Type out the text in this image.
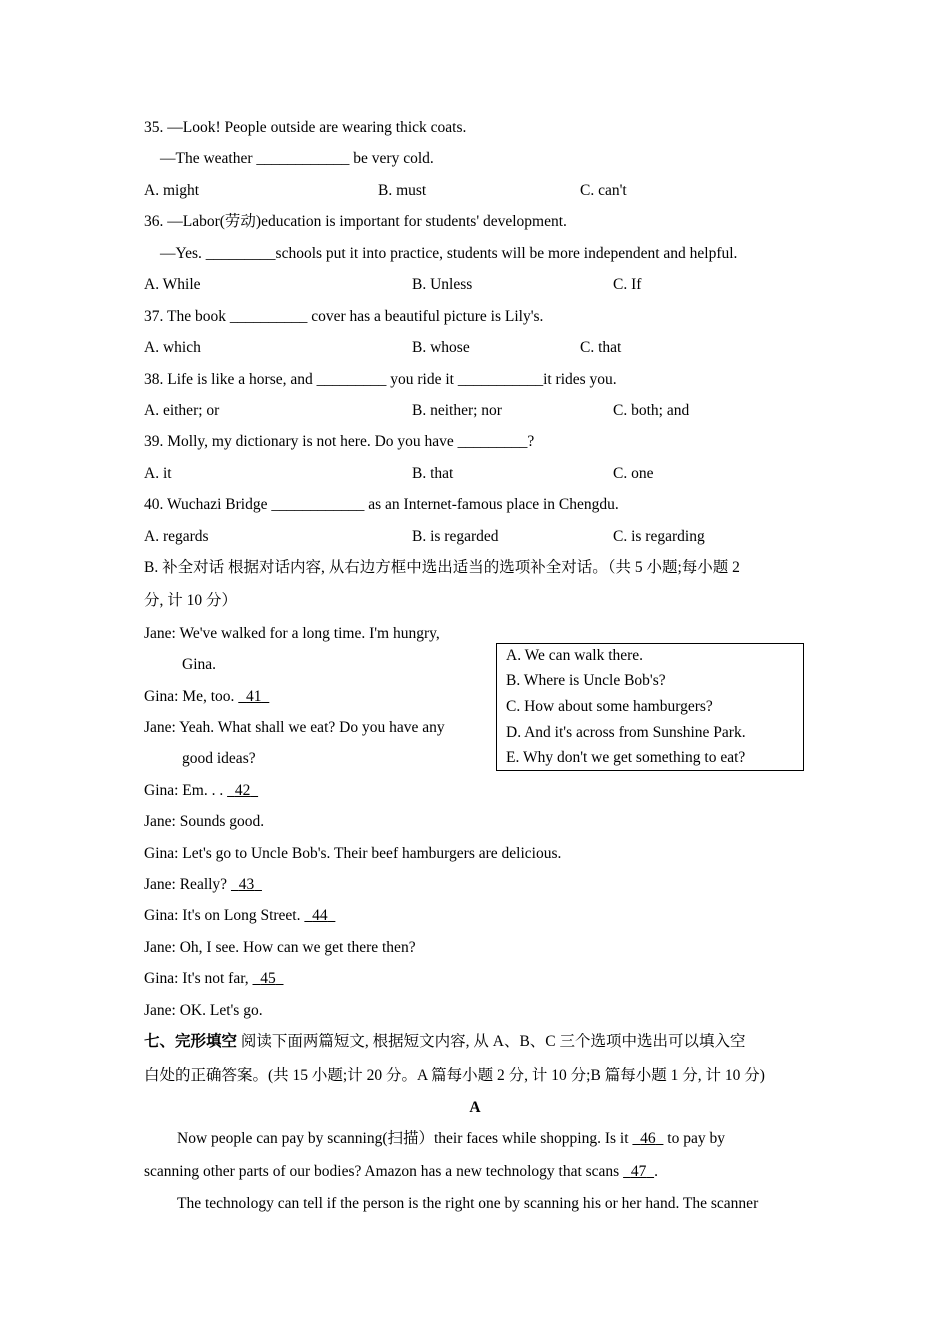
35. —Look! People outside are wearing thick coats.
—The weather ____________ be very cold.
A. might	B. must	C. can't
36. —Labor(劳动)education is important for students' development.
—Yes. _________schools put it into practice, students will be more independent and helpful.
A. While	B. Unless	C. If
37. The book __________ cover has a beautiful picture is Lily's.
A. which	B. whose	C. that
38. Life is like a horse, and _________ you ride it ___________it rides you.
A. either; or	B. neither; nor	C. both; and
39. Molly, my dictionary is not here. Do you have _________?
A. it	B. that	C. one
40. Wuchazi Bridge ____________ as an Internet-famous place in Chengdu.
A. regards	B. is regarded	C. is regarding
B. 补全对话 根据对话内容, 从右边方框中选出适当的选项补全对话。（共 5 小题;每小题 2
分, 计 10 分）
A. We can walk there.
B. Where is Uncle Bob's?
C. How about some hamburgers?
D. And it's across from Sunshine Park.
E. Why don't we get something to eat?
Jane: We've walked for a long time. I'm hungry,
Gina.
Gina: Me, too. 41
Jane: Yeah. What shall we eat? Do you have any
good ideas?
Gina: Em. . . 42
Jane: Sounds good.
Gina: Let's go to Uncle Bob's. Their beef hamburgers are delicious.
Jane: Really? 43
Gina: It's on Long Street. 44
Jane: Oh, I see. How can we get there then?
Gina: It's not far, 45
Jane: OK. Let's go.
七、完形填空 阅读下面两篇短文, 根据短文内容, 从 A、B、C 三个选项中选出可以填入空
白处的正确答案。(共 15 小题;计 20 分。A 篇每小题 2 分, 计 10 分;B 篇每小题 1 分, 计 10 分)
A
Now people can pay by scanning(扫描）their faces while shopping. Is it 46 to pay by
scanning other parts of our bodies? Amazon has a new technology that scans 47 .
The technology can tell if the person is the right one by scanning his or her hand. The scanner
